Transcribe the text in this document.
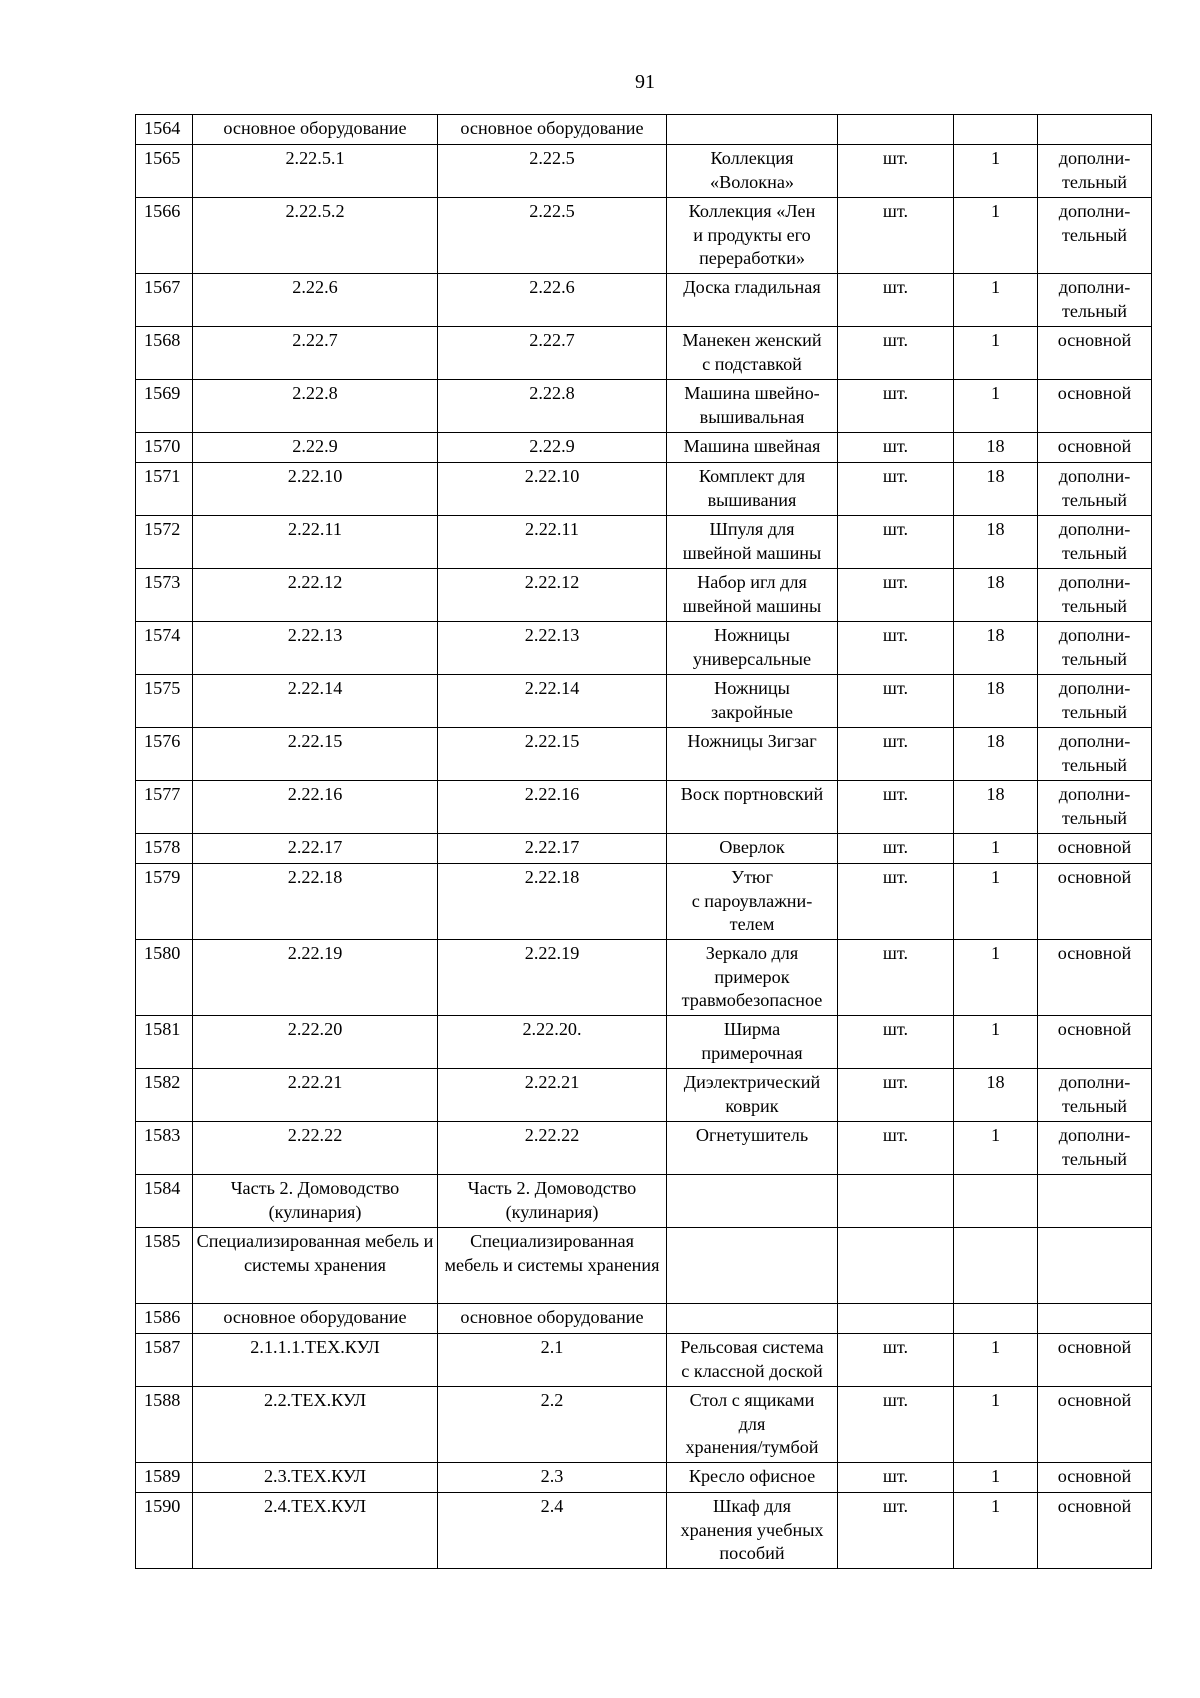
91
1564	основное оборудование	основное оборудование				
1565	2.22.5.1	2.22.5	Коллекция
«Волокна»	шт.	1	дополни-
тельный

1566	2.22.5.2	2.22.5	Коллекция «Лен
и продукты его
переработки»	шт.	1	дополни-
тельный

1567	2.22.6	2.22.6	Доска гладильная	шт.	1	дополни-
тельный

1568	2.22.7	2.22.7	Манекен женский
с подставкой	шт.	1	основной

1569	2.22.8	2.22.8	Машина швейно-
вышивальная	шт.	1	основной

1570	2.22.9	2.22.9	Машина швейная	шт.	18	основной

1571	2.22.10	2.22.10	Комплект для
вышивания	шт.	18	дополни-
тельный

1572	2.22.11	2.22.11	Шпуля для
швейной машины	шт.	18	дополни-
тельный

1573	2.22.12	2.22.12	Набор игл для
швейной машины	шт.	18	дополни-
тельный

1574	2.22.13	2.22.13	Ножницы
универсальные	шт.	18	дополни-
тельный

1575	2.22.14	2.22.14	Ножницы
закройные	шт.	18	дополни-
тельный

1576	2.22.15	2.22.15	Ножницы Зигзаг	шт.	18	дополни-
тельный

1577	2.22.16	2.22.16	Воск портновский	шт.	18	дополни-
тельный

1578	2.22.17	2.22.17	Оверлок	шт.	1	основной

1579	2.22.18	2.22.18	Утюг
с пароувлажни-
телем	шт.	1	основной

1580	2.22.19	2.22.19	Зеркало для
примерок
травмобезопасное	шт.	1	основной

1581	2.22.20	2.22.20.	Ширма
примерочная	шт.	1	основной

1582	2.22.21	2.22.21	Диэлектрический
коврик	шт.	18	дополни-
тельный

1583	2.22.22	2.22.22	Огнетушитель	шт.	1	дополни-
тельный

1584	Часть 2. Домоводство (кулинария)	Часть 2. Домоводство (кулинария)				
1585	Специализированная мебель и системы хранения	Специализированная мебель и системы хранения				
1586	основное оборудование	основное оборудование				
1587	2.1.1.1.ТЕХ.КУЛ	2.1	Рельсовая система
с классной доской	шт.	1	основной

1588	2.2.ТЕХ.КУЛ	2.2	Стол с ящиками
для
хранения/тумбой	шт.	1	основной

1589	2.3.ТЕХ.КУЛ	2.3	Кресло офисное	шт.	1	основной

1590	2.4.ТЕХ.КУЛ	2.4	Шкаф для
хранения учебных
пособий	шт.	1	основной
